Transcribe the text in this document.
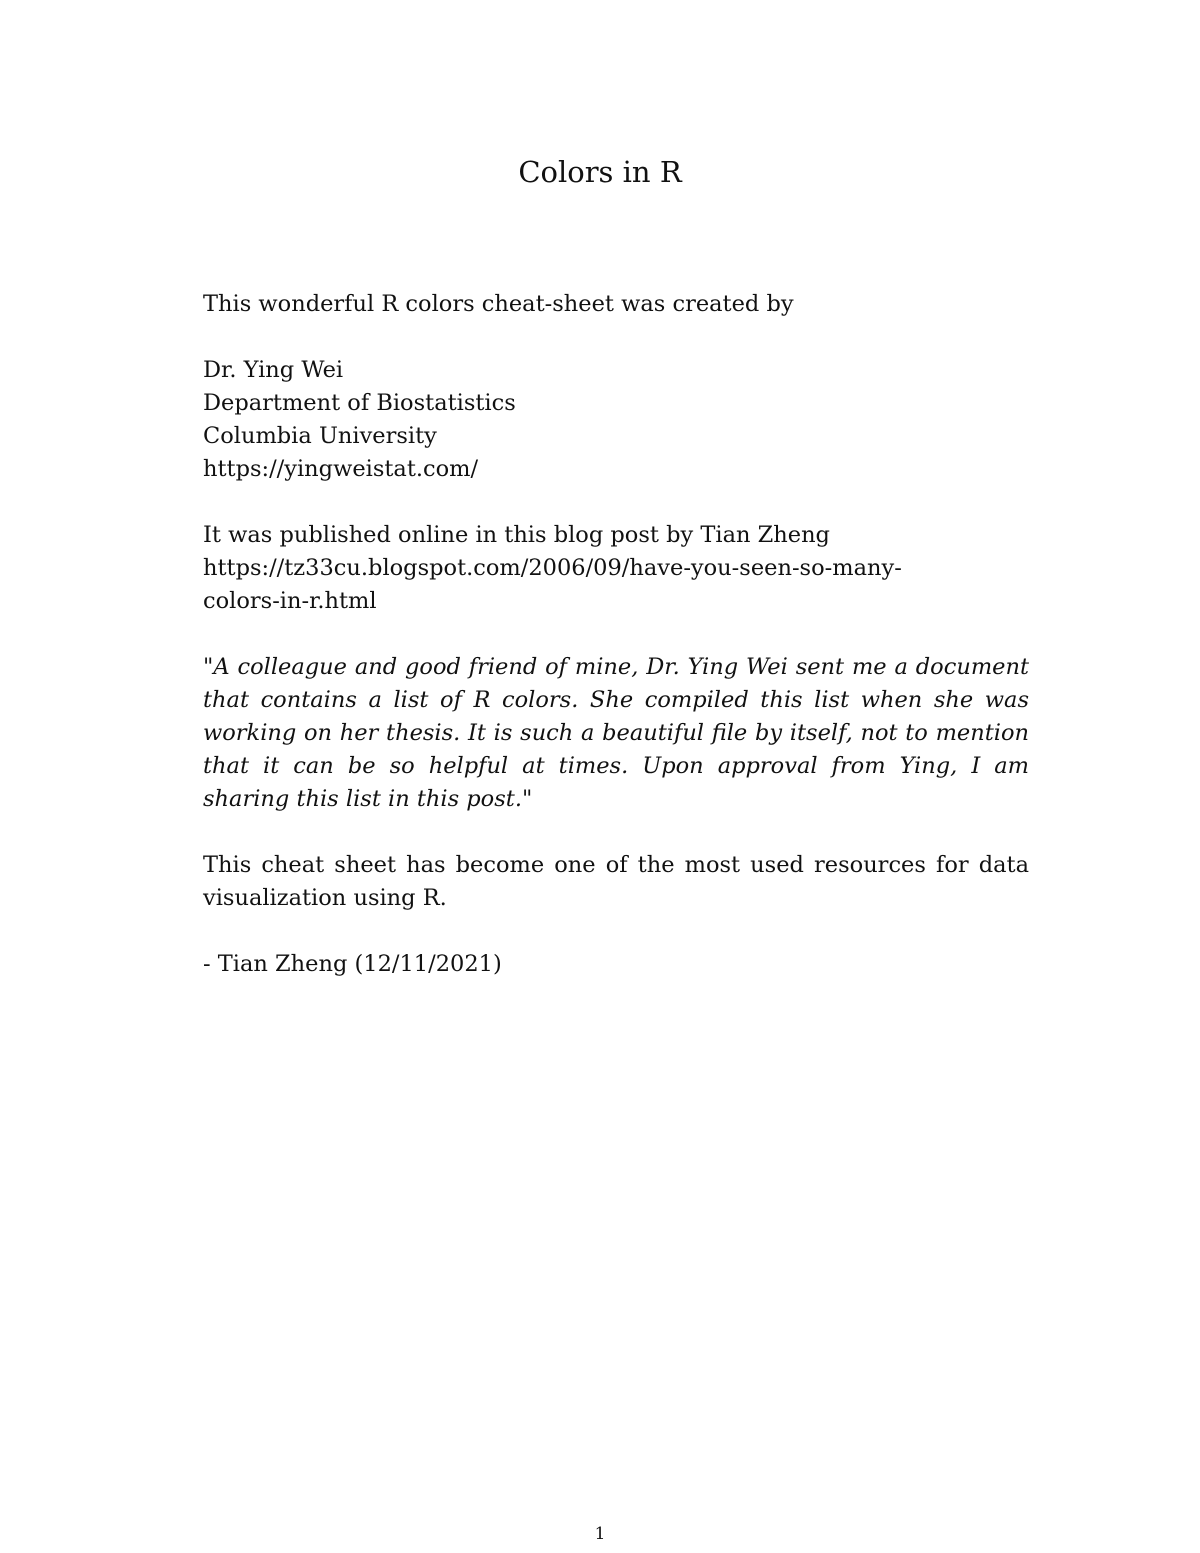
Colors in R

This wonderful R colors cheat-sheet was created by

Dr. Ying Wei
Department of Biostatistics
Columbia University
https://yingweistat.com/

It was published online in this blog post by Tian Zheng
https://tz33cu.blogspot.com/2006/09/have-you-seen-so-many-
colors-in-r.html

"A colleague and good friend of mine, Dr. Ying Wei sent me a document that contains a list of R colors. She compiled this list when she was working on her thesis. It is such a beautiful file by itself, not to mention that it can be so helpful at times. Upon approval from Ying, I am sharing this list in this post."

This cheat sheet has become one of the most used resources for data visualization using R.

- Tian Zheng (12/11/2021)

1
